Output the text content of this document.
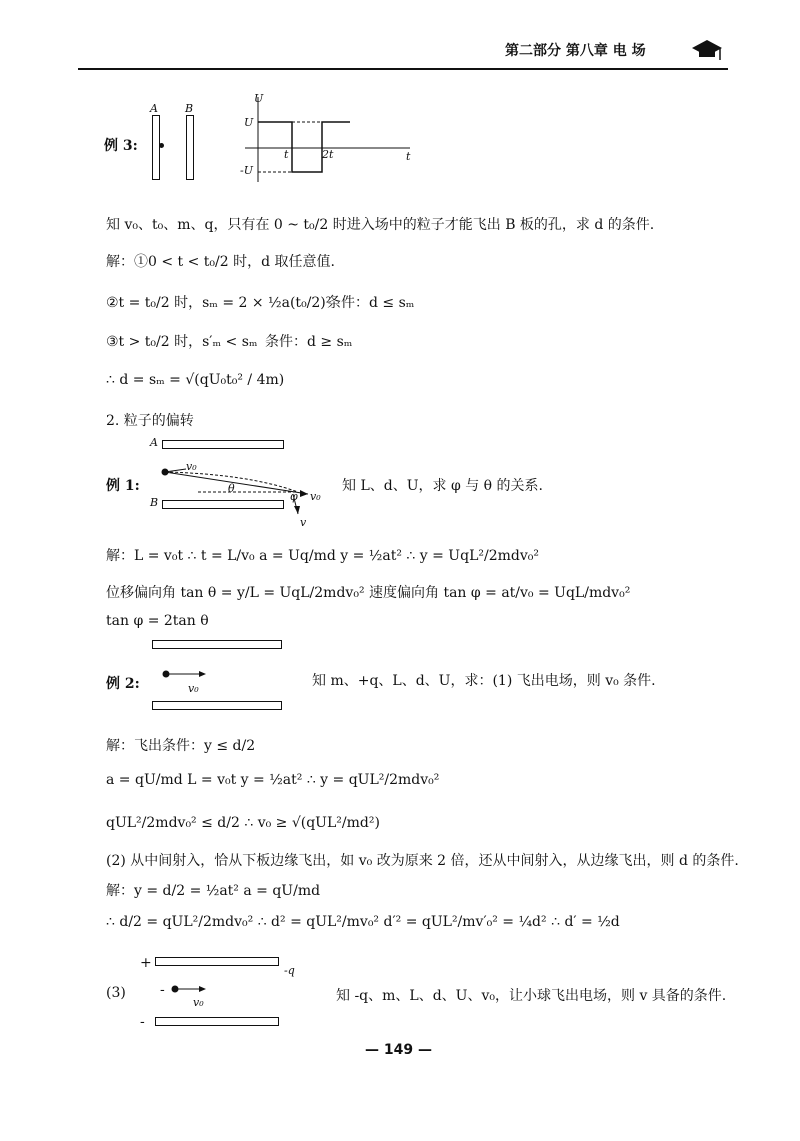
第二部分 第八章 电 场
例 3:
A B
U
U
-U
t	2t	t
知 v₀、t₀、m、q，只有在 0 ~ t₀/2 时进入场中的粒子才能飞出 B 板的孔，求 d 的条件.
解：①0 < t < t₀/2 时，d 取任意值.
②t = t₀/2 时，sₘ = 2 × ½a(t₀/2)²
条件：d ≤ sₘ
③t > t₀/2 时，s′ₘ < sₘ 条件：d ≥ sₘ
∴ d = sₘ = √(qU₀t₀² / 4m)
2. 粒子的偏转
A
例 1:
v₀
θ
φ v₀
v
B
知 L、d、U，求 φ 与 θ 的关系.
解：L = v₀t ∴ t = L/v₀ a = Uq/md y = ½at² ∴ y = UqL²/2mdv₀²
位移偏向角 tan θ = y/L = UqL/2mdv₀² 速度偏向角 tan φ = at/v₀ = UqL/mdv₀²
tan φ = 2tan θ
例 2:	v₀	知 m、+q、L、d、U，求：(1) 飞出电场，则 v₀ 条件.
解：飞出条件：y ≤ d/2
a = qU/md L = v₀t y = ½at² ∴ y = qUL²/2mdv₀²
qUL²/2mdv₀² ≤ d/2 ∴ v₀ ≥ √(qUL²/md²)
(2) 从中间射入，恰从下板边缘飞出，如 v₀ 改为原来 2 倍，还从中间射入，从边缘飞出，则 d 的条件.
解：y = d/2 = ½at² a = qU/md
∴ d/2 = qUL²/2mdv₀² ∴ d² = qUL²/mv₀² d′² = qUL²/mv′₀² = ¼d² ∴ d′ = ½d
+	-q
(3) -
v₀	知 -q、m、L、d、U、v₀，让小球飞出电场，则 v 具备的条件.
-
— 149 —
